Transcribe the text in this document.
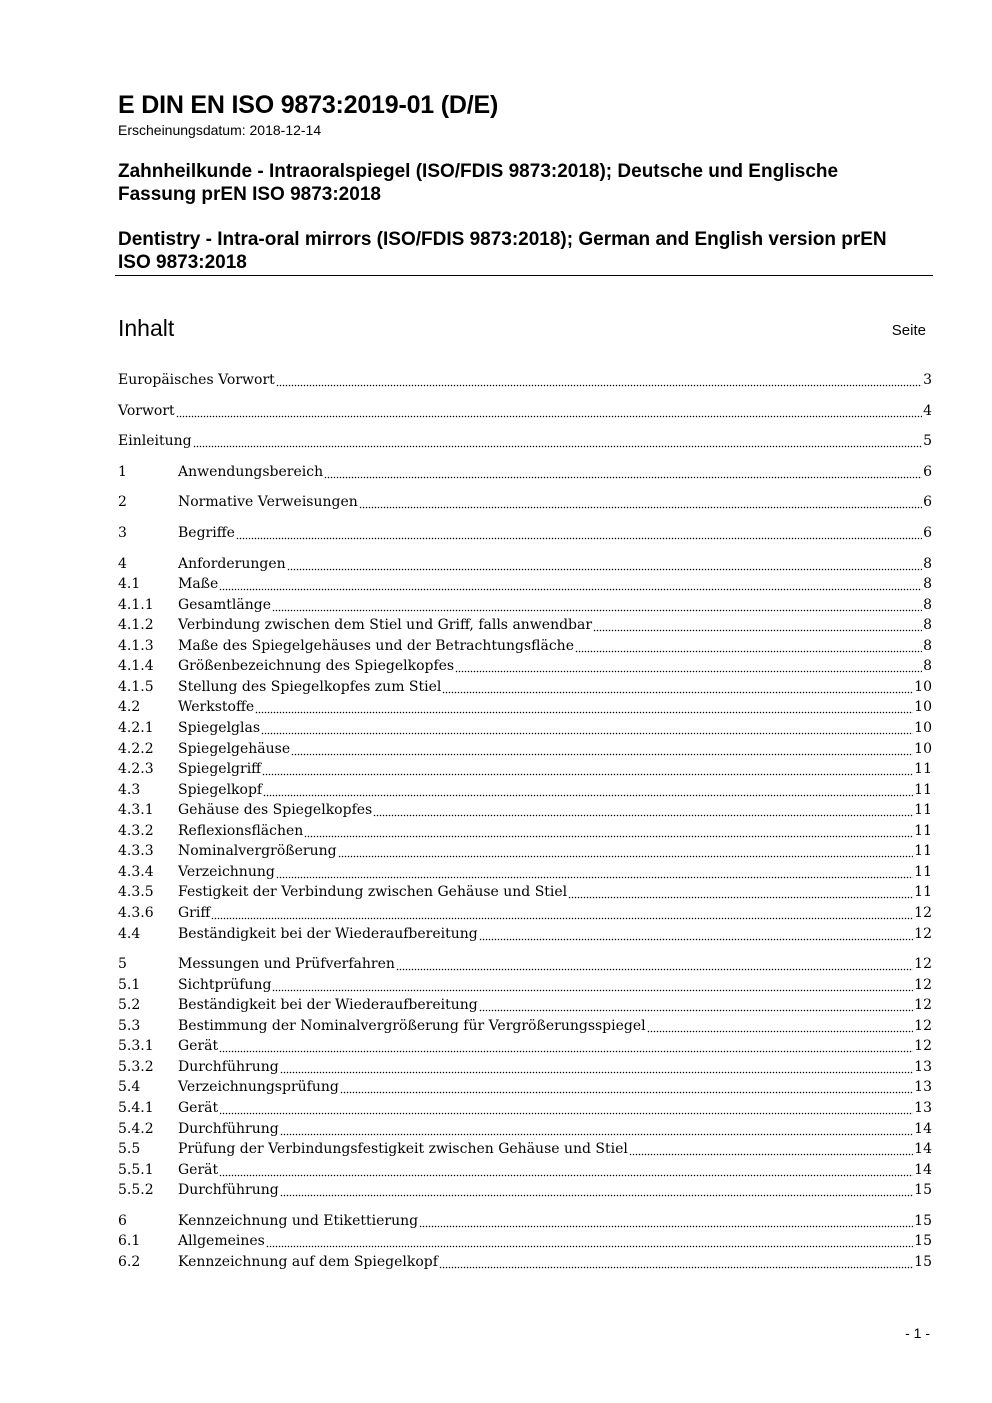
E DIN EN ISO 9873:2019-01 (D/E)

Erscheinungsdatum: 2018-12-14

Zahnheilkunde - Intraoralspiegel (ISO/FDIS 9873:2018); Deutsche und Englische
Fassung prEN ISO 9873:2018

Dentistry - Intra-oral mirrors (ISO/FDIS 9873:2018); German and English version prEN
ISO 9873:2018

Inhalt	Seite
Europäisches Vorwort	3
Vorwort	4
Einleitung	5
1	Anwendungsbereich	6
2	Normative Verweisungen	6
3	Begriffe	6
4	Anforderungen	8
4.1	Maße	8
4.1.1	Gesamtlänge	8
4.1.2	Verbindung zwischen dem Stiel und Griff, falls anwendbar	8
4.1.3	Maße des Spiegelgehäuses und der Betrachtungsfläche	8
4.1.4	Größenbezeichnung des Spiegelkopfes	8
4.1.5	Stellung des Spiegelkopfes zum Stiel	10
4.2	Werkstoffe	10
4.2.1	Spiegelglas	10
4.2.2	Spiegelgehäuse	10
4.2.3	Spiegelgriff	11
4.3	Spiegelkopf	11
4.3.1	Gehäuse des Spiegelkopfes	11
4.3.2	Reflexionsflächen	11
4.3.3	Nominalvergrößerung	11
4.3.4	Verzeichnung	11
4.3.5	Festigkeit der Verbindung zwischen Gehäuse und Stiel	11
4.3.6	Griff	12
4.4	Beständigkeit bei der Wiederaufbereitung	12
5	Messungen und Prüfverfahren	12
5.1	Sichtprüfung	12
5.2	Beständigkeit bei der Wiederaufbereitung	12
5.3	Bestimmung der Nominalvergrößerung für Vergrößerungsspiegel	12
5.3.1	Gerät	12
5.3.2	Durchführung	13
5.4	Verzeichnungsprüfung	13
5.4.1	Gerät	13
5.4.2	Durchführung	14
5.5	Prüfung der Verbindungsfestigkeit zwischen Gehäuse und Stiel	14
5.5.1	Gerät	14
5.5.2	Durchführung	15
6	Kennzeichnung und Etikettierung	15
6.1	Allgemeines	15
6.2	Kennzeichnung auf dem Spiegelkopf	15
- 1 -
